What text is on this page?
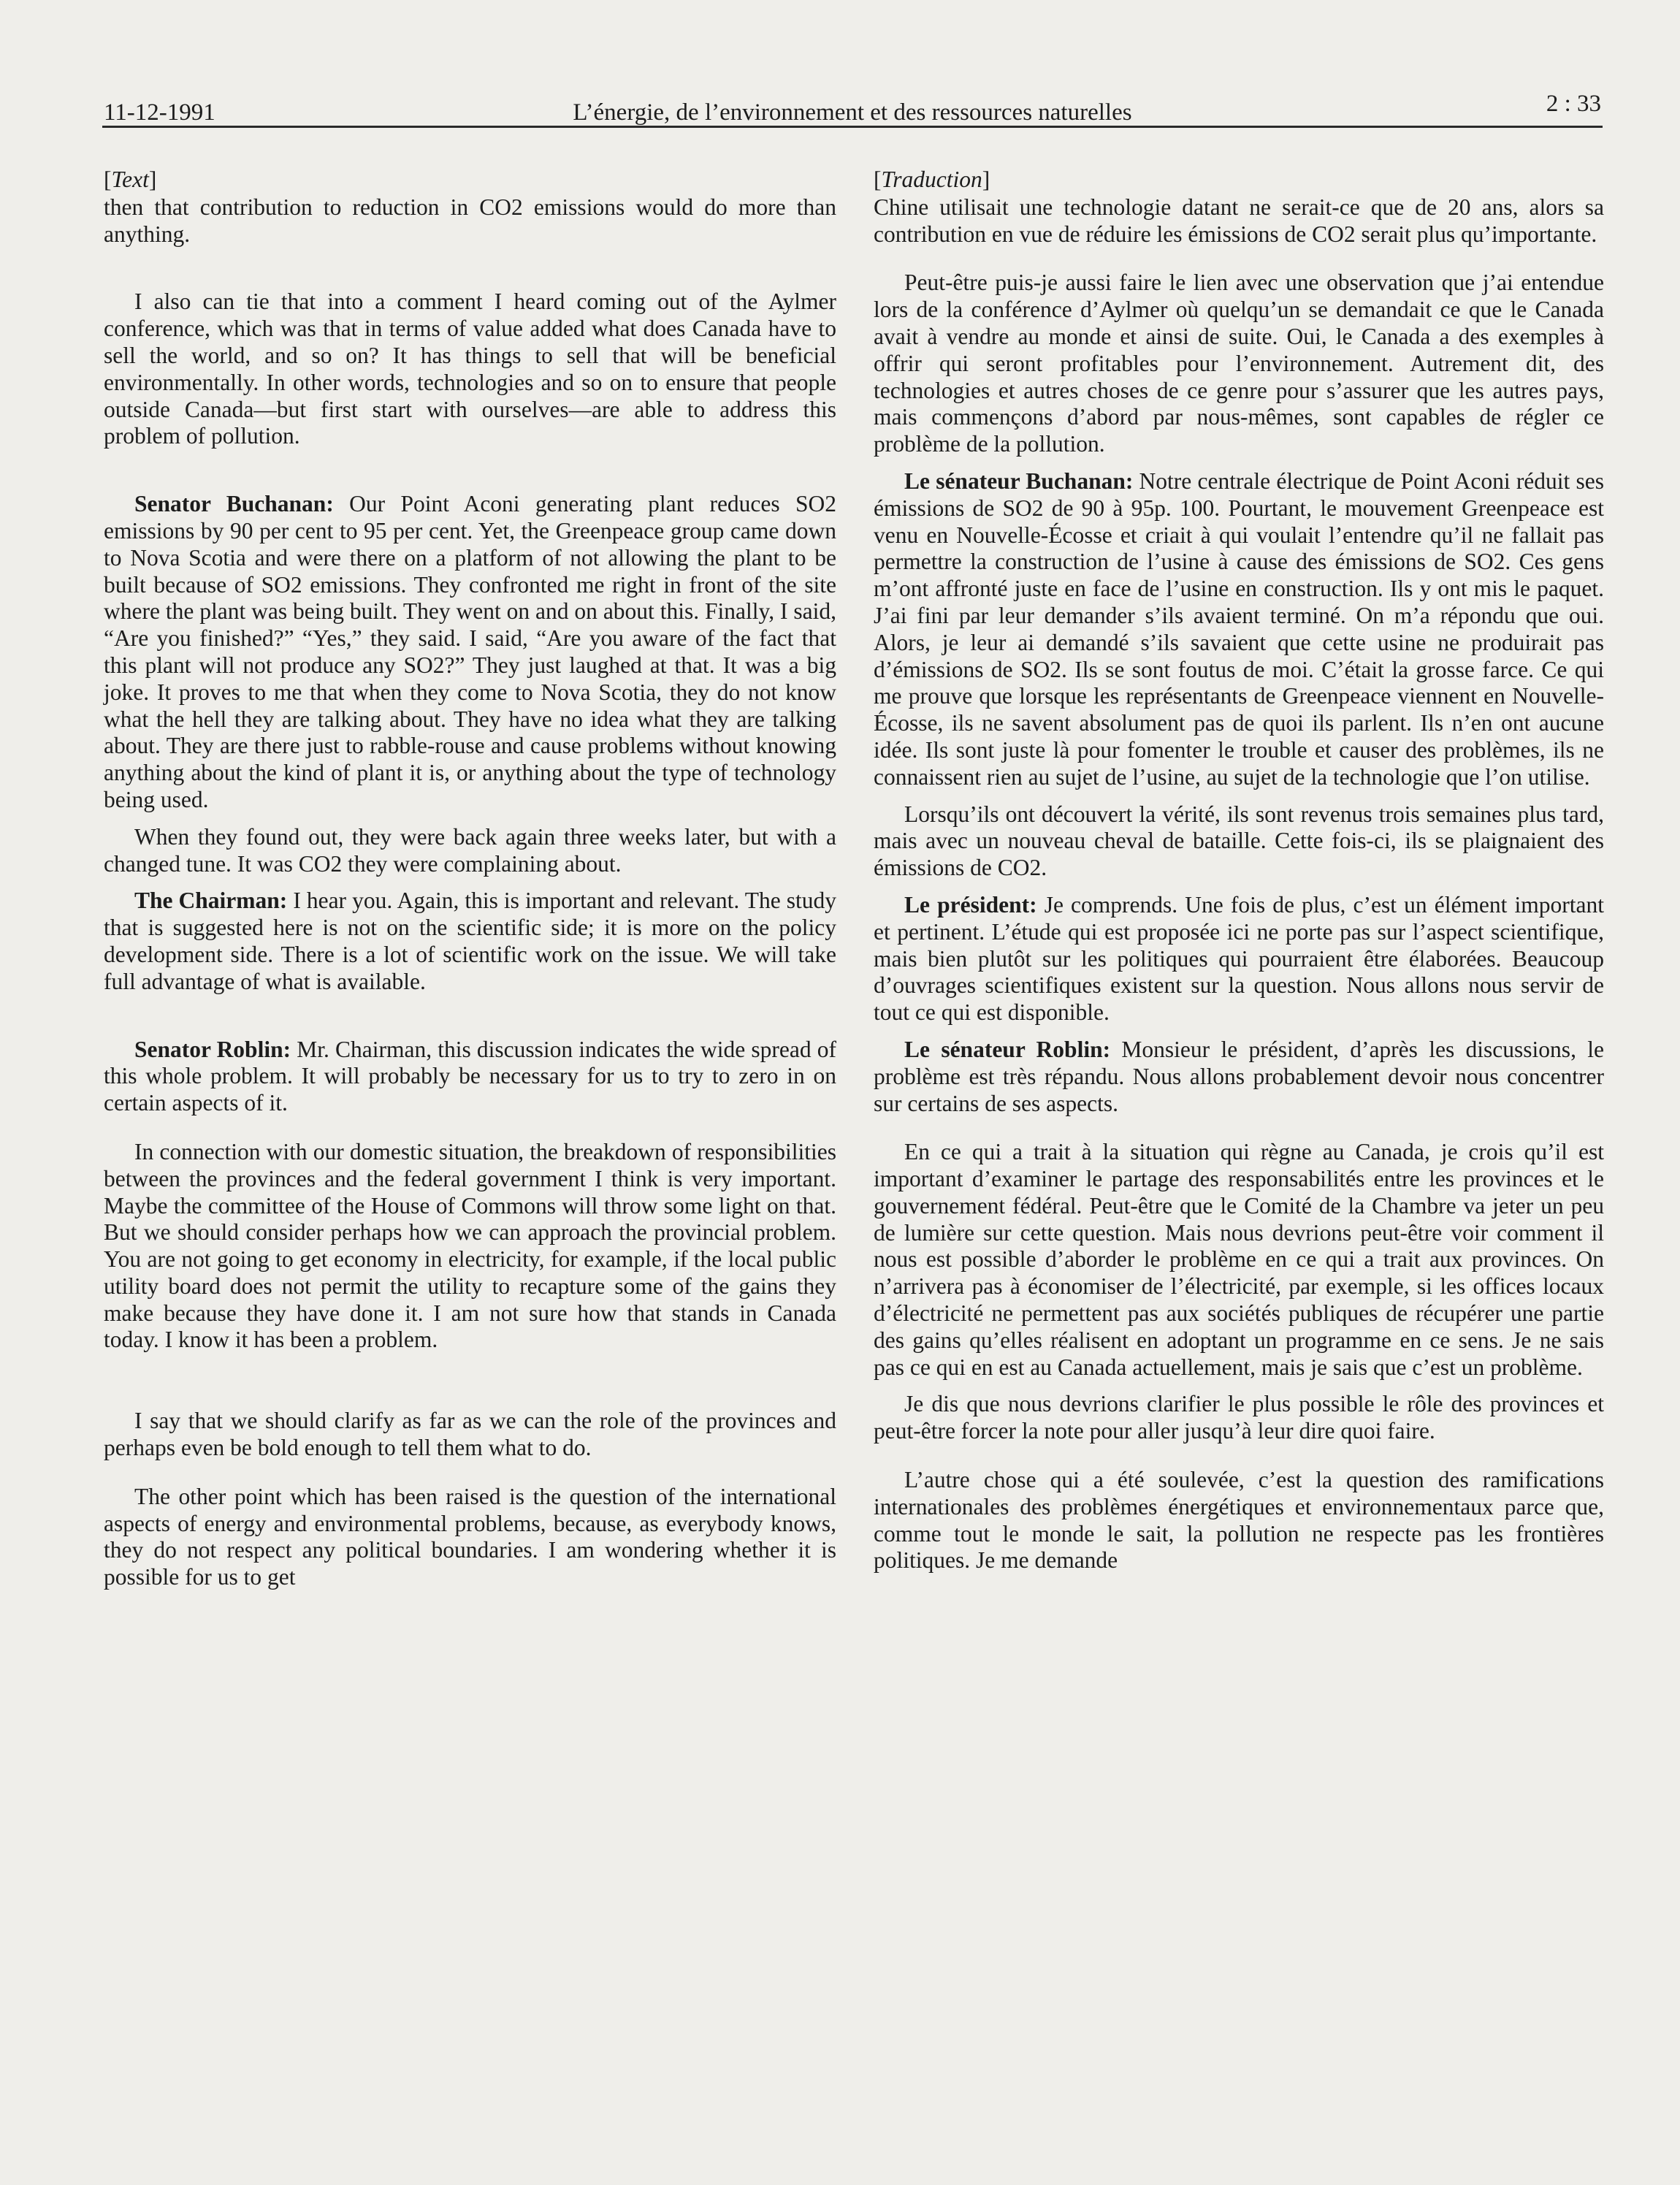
11-12-1991	L’énergie, de l’environnement et des ressources naturelles	2 : 33

[Text]

then that contribution to reduction in CO2 emissions would do more than anything.

I also can tie that into a comment I heard coming out of the Aylmer conference, which was that in terms of value added what does Canada have to sell the world, and so on? It has things to sell that will be beneficial environmentally. In other words, technologies and so on to ensure that people outside Canada—but first start with ourselves—are able to address this problem of pollution.

Senator Buchanan: Our Point Aconi generating plant reduces SO2 emissions by 90 per cent to 95 per cent. Yet, the Greenpeace group came down to Nova Scotia and were there on a platform of not allowing the plant to be built because of SO2 emissions. They confronted me right in front of the site where the plant was being built. They went on and on about this. Finally, I said, “Are you finished?” “Yes,” they said. I said, “Are you aware of the fact that this plant will not produce any SO2?” They just laughed at that. It was a big joke. It proves to me that when they come to Nova Scotia, they do not know what the hell they are talking about. They have no idea what they are talking about. They are there just to rabble-rouse and cause problems without knowing anything about the kind of plant it is, or anything about the type of technology being used.

When they found out, they were back again three weeks later, but with a changed tune. It was CO2 they were complaining about.

The Chairman: I hear you. Again, this is important and relevant. The study that is suggested here is not on the scientific side; it is more on the policy development side. There is a lot of scientific work on the issue. We will take full advantage of what is available.

Senator Roblin: Mr. Chairman, this discussion indicates the wide spread of this whole problem. It will probably be necessary for us to try to zero in on certain aspects of it.

In connection with our domestic situation, the breakdown of responsibilities between the provinces and the federal government I think is very important. Maybe the committee of the House of Commons will throw some light on that. But we should consider perhaps how we can approach the provincial problem. You are not going to get economy in electricity, for example, if the local public utility board does not permit the utility to recapture some of the gains they make because they have done it. I am not sure how that stands in Canada today. I know it has been a problem.

I say that we should clarify as far as we can the role of the provinces and perhaps even be bold enough to tell them what to do.

The other point which has been raised is the question of the international aspects of energy and environmental problems, because, as everybody knows, they do not respect any political boundaries. I am wondering whether it is possible for us to get

[Traduction]

Chine utilisait une technologie datant ne serait-ce que de 20 ans, alors sa contribution en vue de réduire les émissions de CO2 serait plus qu’importante.

Peut-être puis-je aussi faire le lien avec une observation que j’ai entendue lors de la conférence d’Aylmer où quelqu’un se demandait ce que le Canada avait à vendre au monde et ainsi de suite. Oui, le Canada a des exemples à offrir qui seront profitables pour l’environnement. Autrement dit, des technologies et autres choses de ce genre pour s’assurer que les autres pays, mais commençons d’abord par nous-mêmes, sont capables de régler ce problème de la pollution.

Le sénateur Buchanan: Notre centrale électrique de Point Aconi réduit ses émissions de SO2 de 90 à 95p. 100. Pourtant, le mouvement Greenpeace est venu en Nouvelle-Écosse et criait à qui voulait l’entendre qu’il ne fallait pas permettre la construction de l’usine à cause des émissions de SO2. Ces gens m’ont affronté juste en face de l’usine en construction. Ils y ont mis le paquet. J’ai fini par leur demander s’ils avaient terminé. On m’a répondu que oui. Alors, je leur ai demandé s’ils savaient que cette usine ne produirait pas d’émissions de SO2. Ils se sont foutus de moi. C’était la grosse farce. Ce qui me prouve que lorsque les représentants de Greenpeace viennent en Nouvelle-Écosse, ils ne savent absolument pas de quoi ils parlent. Ils n’en ont aucune idée. Ils sont juste là pour fomenter le trouble et causer des problèmes, ils ne connaissent rien au sujet de l’usine, au sujet de la technologie que l’on utilise.

Lorsqu’ils ont découvert la vérité, ils sont revenus trois semaines plus tard, mais avec un nouveau cheval de bataille. Cette fois-ci, ils se plaignaient des émissions de CO2.

Le président: Je comprends. Une fois de plus, c’est un élément important et pertinent. L’étude qui est proposée ici ne porte pas sur l’aspect scientifique, mais bien plutôt sur les politiques qui pourraient être élaborées. Beaucoup d’ouvrages scientifiques existent sur la question. Nous allons nous servir de tout ce qui est disponible.

Le sénateur Roblin: Monsieur le président, d’après les discussions, le problème est très répandu. Nous allons probablement devoir nous concentrer sur certains de ses aspects.

En ce qui a trait à la situation qui règne au Canada, je crois qu’il est important d’examiner le partage des responsabilités entre les provinces et le gouvernement fédéral. Peut-être que le Comité de la Chambre va jeter un peu de lumière sur cette question. Mais nous devrions peut-être voir comment il nous est possible d’aborder le problème en ce qui a trait aux provinces. On n’arrivera pas à économiser de l’électricité, par exemple, si les offices locaux d’électricité ne permettent pas aux sociétés publiques de récupérer une partie des gains qu’elles réalisent en adoptant un programme en ce sens. Je ne sais pas ce qui en est au Canada actuellement, mais je sais que c’est un problème.

Je dis que nous devrions clarifier le plus possible le rôle des provinces et peut-être forcer la note pour aller jusqu’à leur dire quoi faire.

L’autre chose qui a été soulevée, c’est la question des ramifications internationales des problèmes énergétiques et environnementaux parce que, comme tout le monde le sait, la pollution ne respecte pas les frontières politiques. Je me demande
